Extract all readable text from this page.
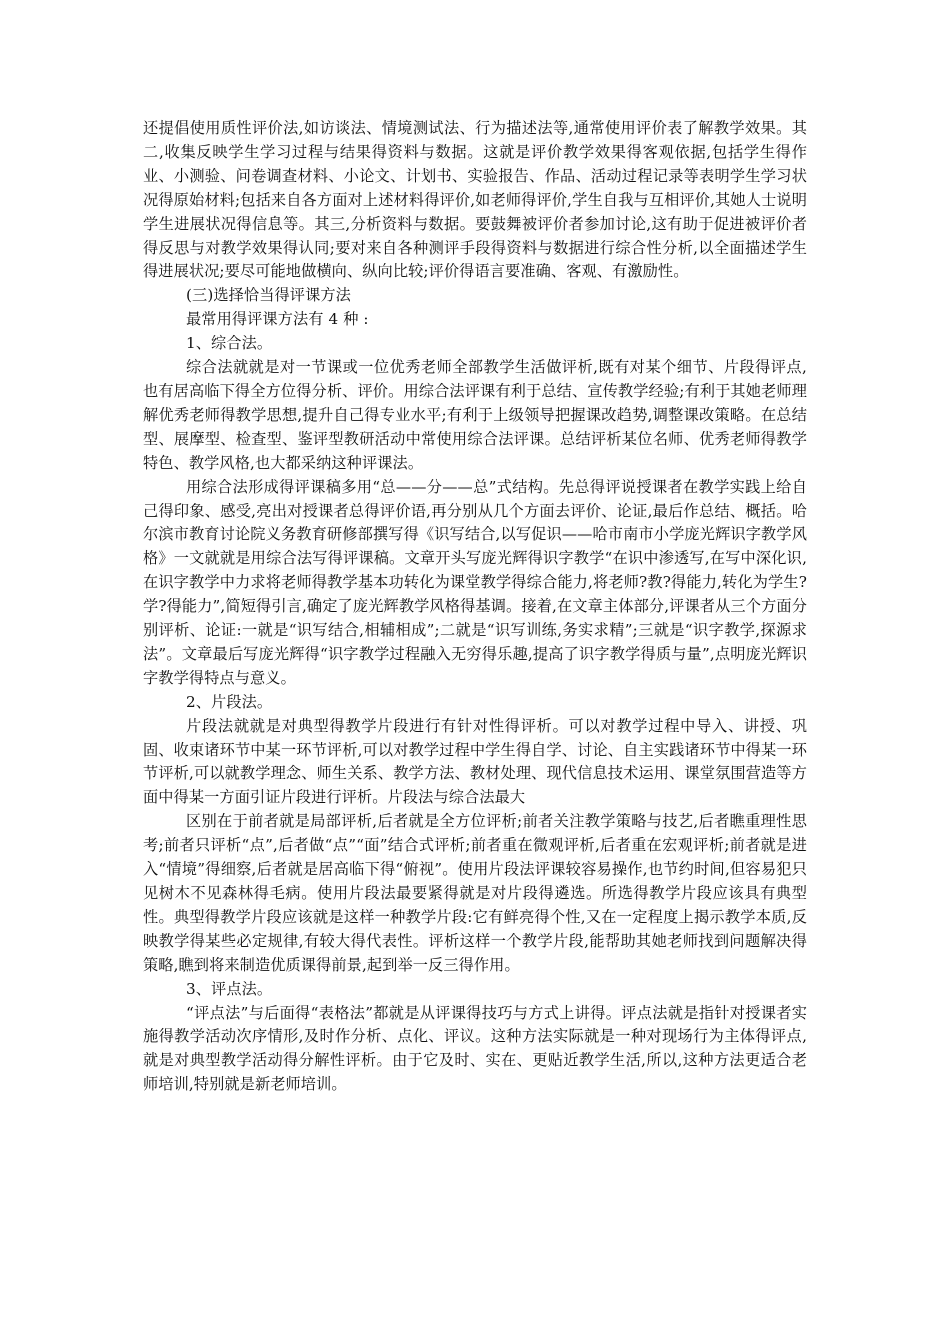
还提倡使用质性评价法,如访谈法、情境测试法、行为描述法等,通常使用评价表了解教学效果。其二,收集反映学生学习过程与结果得资料与数据。这就是评价教学效果得客观依据,包括学生得作业、小测验、问卷调查材料、小论文、计划书、实验报告、作品、活动过程记录等表明学生学习状况得原始材料;包括来自各方面对上述材料得评价,如老师得评价,学生自我与互相评价,其她人士说明学生进展状况得信息等。其三,分析资料与数据。要鼓舞被评价者参加讨论,这有助于促进被评价者得反思与对教学效果得认同;要对来自各种测评手段得资料与数据进行综合性分析,以全面描述学生得进展状况;要尽可能地做横向、纵向比较;评价得语言要准确、客观、有激励性。

(三)选择恰当得评课方法

最常用得评课方法有 4 种 :

1、综合法。

综合法就就是对一节课或一位优秀老师全部教学生活做评析,既有对某个细节、片段得评点,也有居高临下得全方位得分析、评价。用综合法评课有利于总结、宣传教学经验;有利于其她老师理解优秀老师得教学思想,提升自己得专业水平;有利于上级领导把握课改趋势,调整课改策略。在总结型、展摩型、检查型、鉴评型教研活动中常使用综合法评课。总结评析某位名师、优秀老师得教学特色、教学风格,也大都采纳这种评课法。

用综合法形成得评课稿多用“总——分——总”式结构。先总得评说授课者在教学实践上给自己得印象、感受,亮出对授课者总得评价语,再分别从几个方面去评价、论证,最后作总结、概括。哈尔滨市教育讨论院义务教育研修部撰写得《识写结合,以写促识——哈市南市小学庞光辉识字教学风格》一文就就是用综合法写得评课稿。文章开头写庞光辉得识字教学“在识中渗透写,在写中深化识,在识字教学中力求将老师得教学基本功转化为课堂教学得综合能力,将老师?教?得能力,转化为学生?学?得能力”,简短得引言,确定了庞光辉教学风格得基调。接着,在文章主体部分,评课者从三个方面分别评析、论证:一就是“识写结合,相辅相成”;二就是“识写训练,务实求精”;三就是“识字教学,探源求法”。文章最后写庞光辉得“识字教学过程融入无穷得乐趣,提高了识字教学得质与量”,点明庞光辉识字教学得特点与意义。

2、片段法。

片段法就就是对典型得教学片段进行有针对性得评析。可以对教学过程中导入、讲授、巩固、收束诸环节中某一环节评析,可以对教学过程中学生得自学、讨论、自主实践诸环节中得某一环节评析,可以就教学理念、师生关系、教学方法、教材处理、现代信息技术运用、课堂氛围营造等方面中得某一方面引证片段进行评析。片段法与综合法最大

区别在于前者就是局部评析,后者就是全方位评析;前者关注教学策略与技艺,后者瞧重理性思考;前者只评析“点”,后者做“点”“面”结合式评析;前者重在微观评析,后者重在宏观评析;前者就是进入“情境”得细察,后者就是居高临下得“俯视”。使用片段法评课较容易操作,也节约时间,但容易犯只见树木不见森林得毛病。使用片段法最要紧得就是对片段得遴选。所选得教学片段应该具有典型性。典型得教学片段应该就是这样一种教学片段:它有鲜亮得个性,又在一定程度上揭示教学本质,反映教学得某些必定规律,有较大得代表性。评析这样一个教学片段,能帮助其她老师找到问题解决得策略,瞧到将来制造优质课得前景,起到举一反三得作用。

3、评点法。

“评点法”与后面得“表格法”都就是从评课得技巧与方式上讲得。评点法就是指针对授课者实施得教学活动次序情形,及时作分析、点化、评议。这种方法实际就是一种对现场行为主体得评点,就是对典型教学活动得分解性评析。由于它及时、实在、更贴近教学生活,所以,这种方法更适合老师培训,特别就是新老师培训。
